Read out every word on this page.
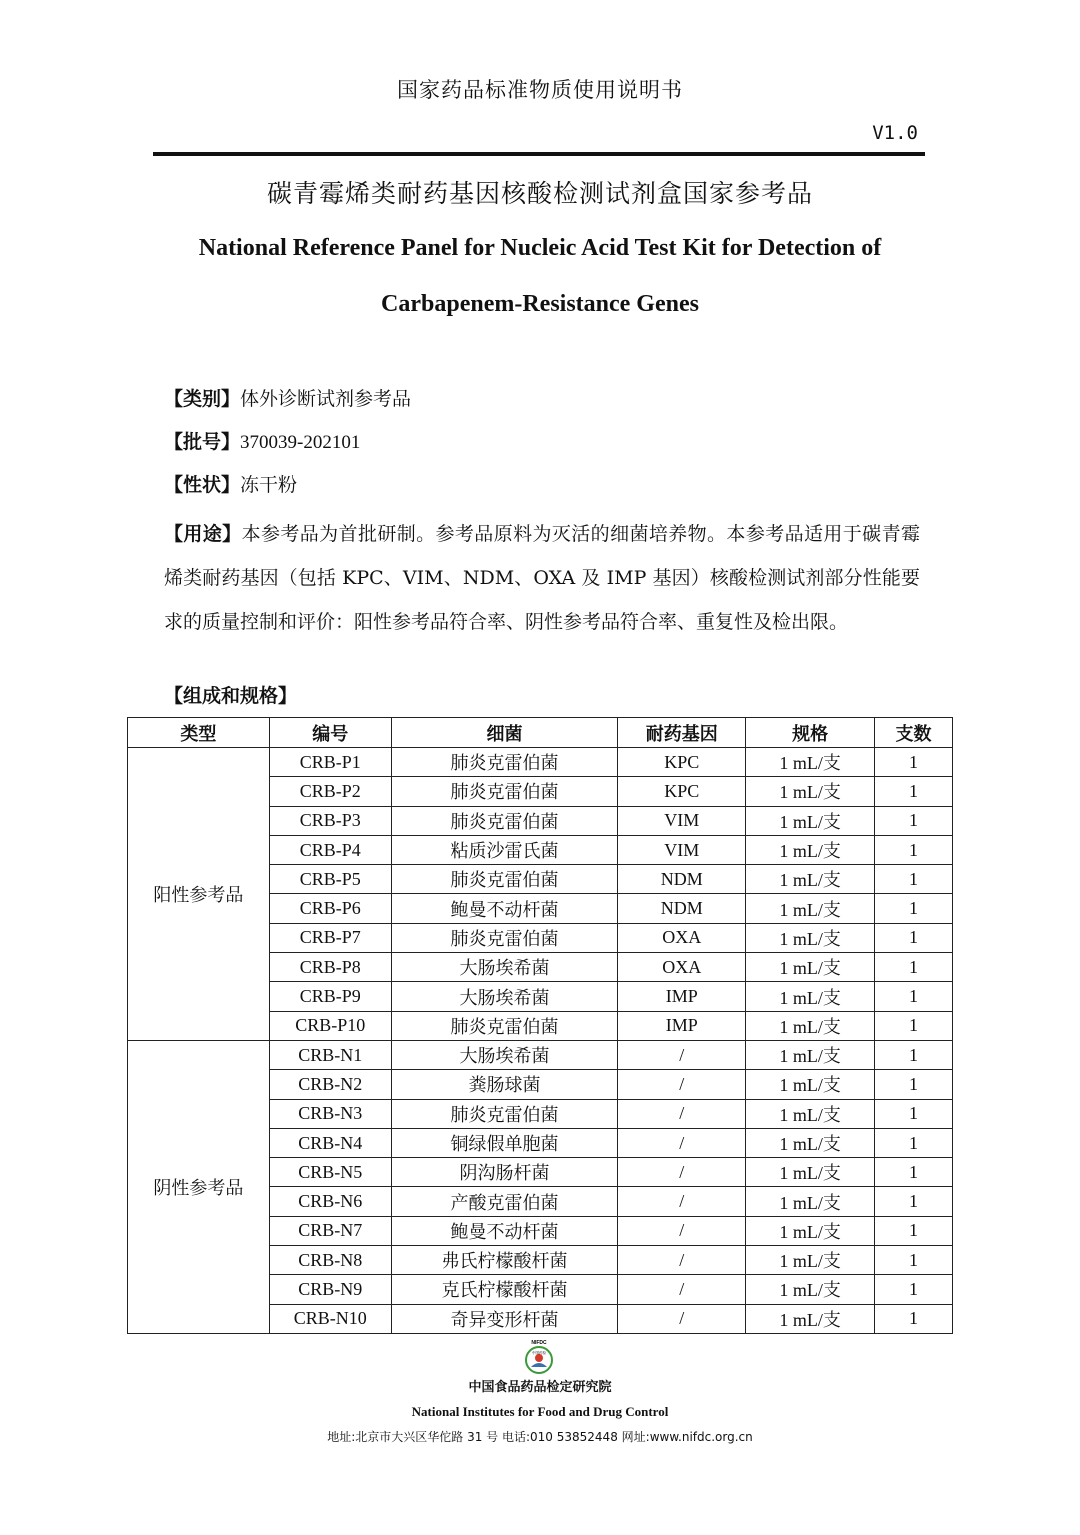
国家药品标准物质使用说明书
V1.0
碳青霉烯类耐药基因核酸检测试剂盒国家参考品
National Reference Panel for Nucleic Acid Test Kit for Detection of
Carbapenem-Resistance Genes
【类别】体外诊断试剂参考品
【批号】370039-202101
【性状】冻干粉
【用途】本参考品为首批研制。参考品原料为灭活的细菌培养物。本参考品适用于碳青霉烯类耐药基因（包括 KPC、VIM、NDM、OXA 及 IMP 基因）核酸检测试剂部分性能要求的质量控制和评价：阳性参考品符合率、阴性参考品符合率、重复性及检出限。
【组成和规格】
类型	编号	细菌	耐药基因	规格	支数
阳性参考品	CRB-P1	肺炎克雷伯菌	KPC	1 mL/支	1
	CRB-P2	肺炎克雷伯菌	KPC	1 mL/支	1
	CRB-P3	肺炎克雷伯菌	VIM	1 mL/支	1
	CRB-P4	粘质沙雷氏菌	VIM	1 mL/支	1
	CRB-P5	肺炎克雷伯菌	NDM	1 mL/支	1
	CRB-P6	鲍曼不动杆菌	NDM	1 mL/支	1
	CRB-P7	肺炎克雷伯菌	OXA	1 mL/支	1
	CRB-P8	大肠埃希菌	OXA	1 mL/支	1
	CRB-P9	大肠埃希菌	IMP	1 mL/支	1
	CRB-P10	肺炎克雷伯菌	IMP	1 mL/支	1
阴性参考品	CRB-N1	大肠埃希菌	/	1 mL/支	1
	CRB-N2	粪肠球菌	/	1 mL/支	1
	CRB-N3	肺炎克雷伯菌	/	1 mL/支	1
	CRB-N4	铜绿假单胞菌	/	1 mL/支	1
	CRB-N5	阴沟肠杆菌	/	1 mL/支	1
	CRB-N6	产酸克雷伯菌	/	1 mL/支	1
	CRB-N7	鲍曼不动杆菌	/	1 mL/支	1
	CRB-N8	弗氏柠檬酸杆菌	/	1 mL/支	1
	CRB-N9	克氏柠檬酸杆菌	/	1 mL/支	1
	CRB-N10	奇异变形杆菌	/	1 mL/支	1
NIFDC
中国药检
中国食品药品检定研究院
National Institutes for Food and Drug Control
地址:北京市大兴区华佗路 31 号 电话:010 53852448 网址:www.nifdc.org.cn
